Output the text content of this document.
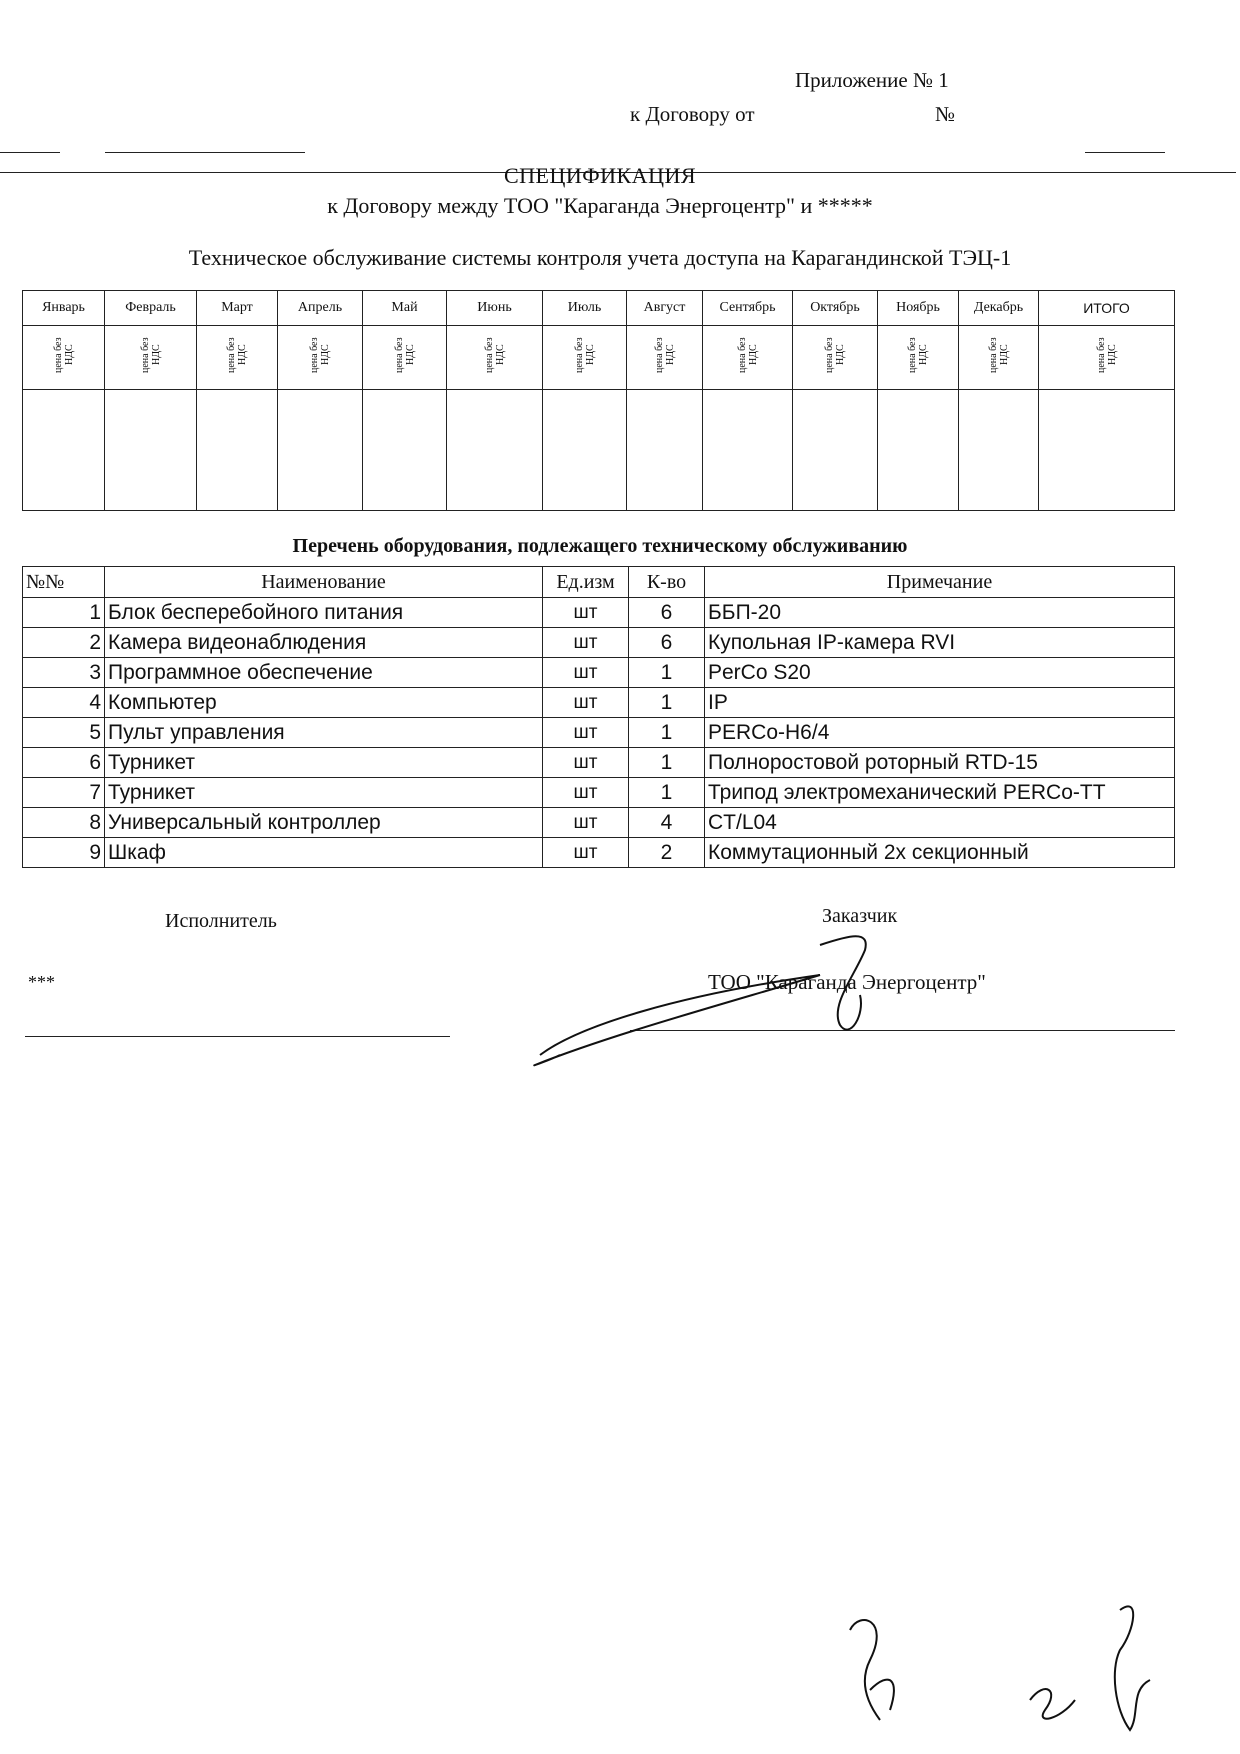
Приложение № 1
к Договору от	№
СПЕЦИФИКАЦИЯ
к Договору между ТОО "Караганда Энергоцентр" и *****
Техническое обслуживание системы контроля учета доступа на Карагандинской ТЭЦ-1
Январь	Февраль	Март	Апрель	Май	Июнь	Июль	Август	Сентябрь	Октябрь	Ноябрь	Декабрь	ИТОГО
цена без НДС	цена без НДС	цена без НДС	цена без НДС	цена без НДС	цена без НДС	цена без НДС	цена без НДС	цена без НДС	цена без НДС	цена без НДС	цена без НДС	цена без НДС

Перечень оборудования, подлежащего техническому обслуживанию
№№	Наименование	Ед.изм	К-во	Примечание
1	Блок бесперебойного питания	шт	6	ББП-20
2	Камера видеонаблюдения	шт	6	Купольная IP-камера RVI
3	Программное обеспечение	шт	1	PerCo S20
4	Компьютер	шт	1	IP
5	Пульт управления	шт	1	PERCo-H6/4
6	Турникет	шт	1	Полноростовой роторный RTD-15
7	Турникет	шт	1	Трипод электромеханический PERCo-TT
8	Универсальный контроллер	шт	4	CT/L04
9	Шкаф	шт	2	Коммутационный 2х секционный
Исполнитель	Заказчик
***	ТОО "Караганда Энергоцентр"
